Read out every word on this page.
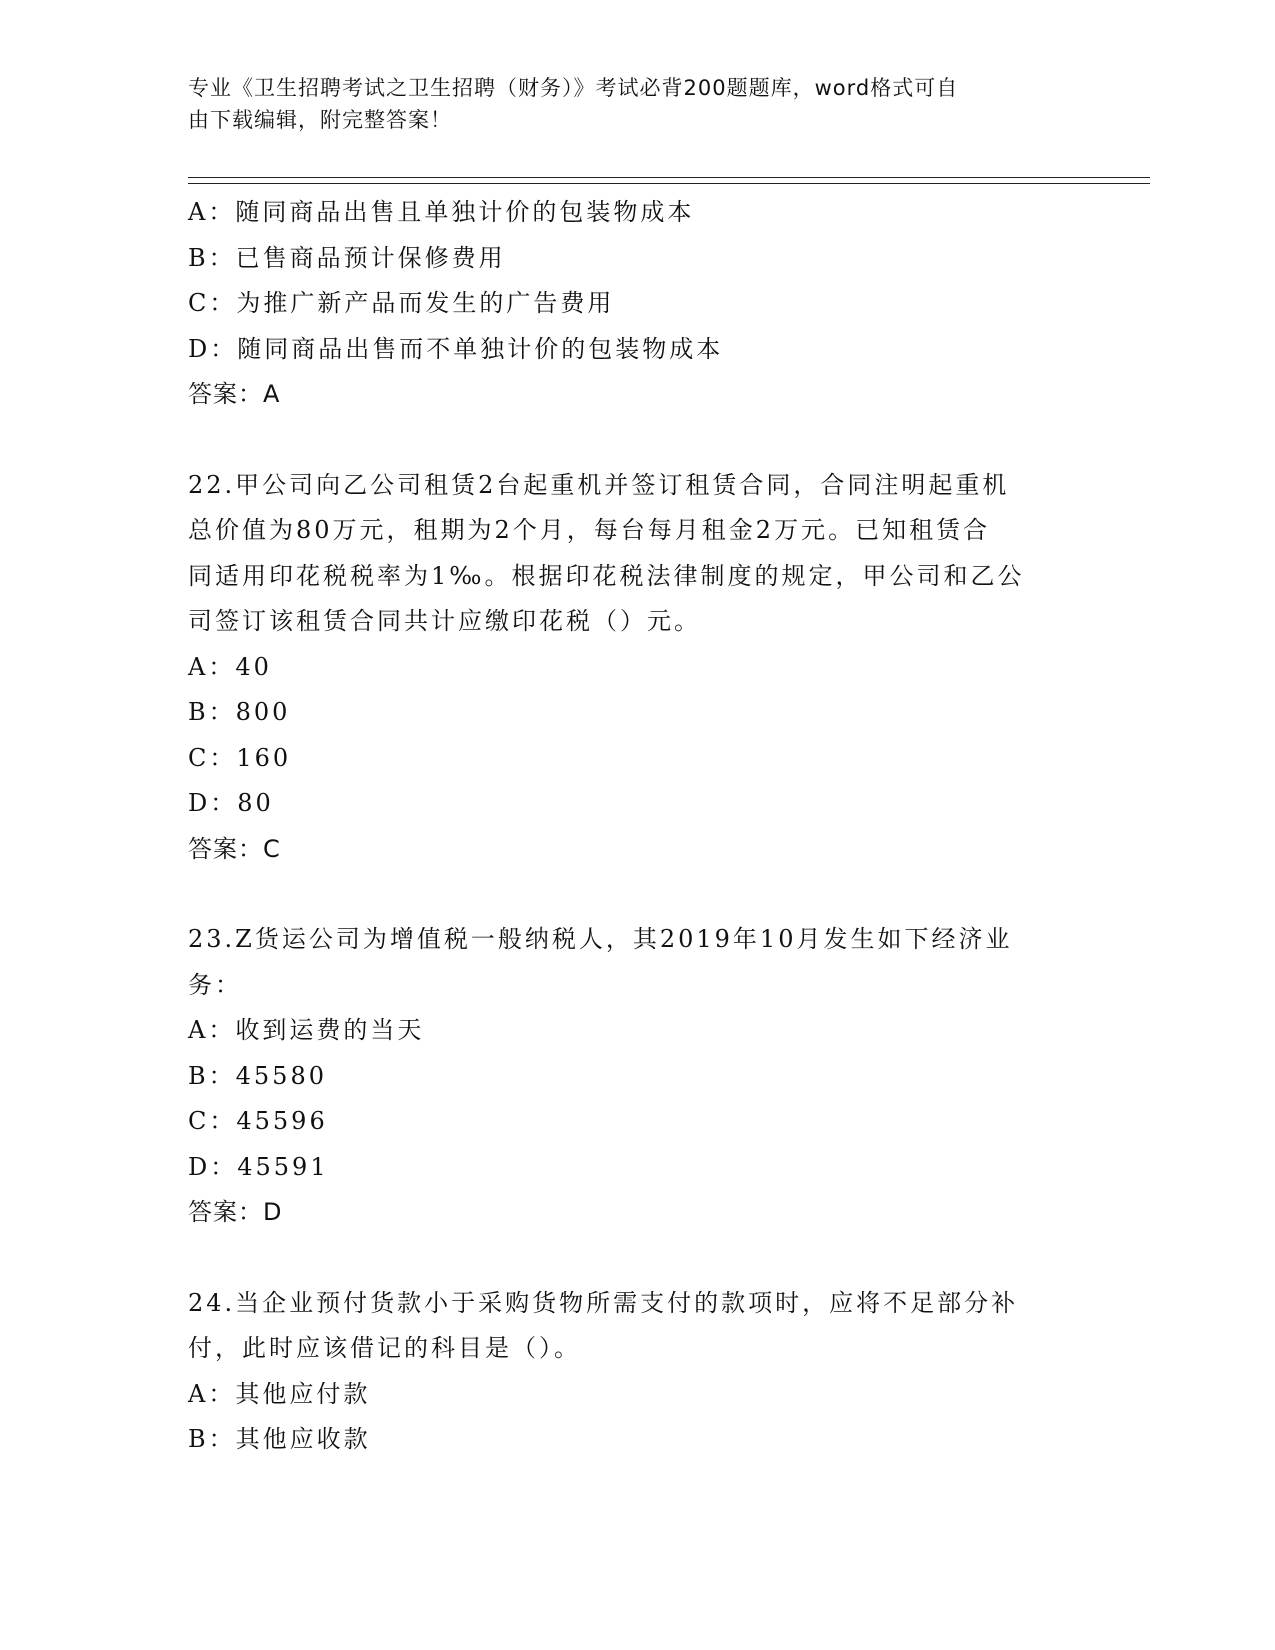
专业《卫生招聘考试之卫生招聘（财务）》考试必背200题题库，word格式可自
由下载编辑，附完整答案！
A：随同商品出售且单独计价的包装物成本
B：已售商品预计保修费用
C：为推广新产品而发生的广告费用
D：随同商品出售而不单独计价的包装物成本
答案：A
22.甲公司向乙公司租赁2台起重机并签订租赁合同，合同注明起重机
总价值为80万元，租期为2个月，每台每月租金2万元。已知租赁合
同适用印花税税率为1‰。根据印花税法律制度的规定，甲公司和乙公
司签订该租赁合同共计应缴印花税（）元。
A：40
B：800
C：160
D：80
答案：C
23.Z货运公司为增值税一般纳税人，其2019年10月发生如下经济业
务：
A：收到运费的当天
B：45580
C：45596
D：45591
答案：D
24.当企业预付货款小于采购货物所需支付的款项时，应将不足部分补
付，此时应该借记的科目是（）。
A：其他应付款
B：其他应收款
